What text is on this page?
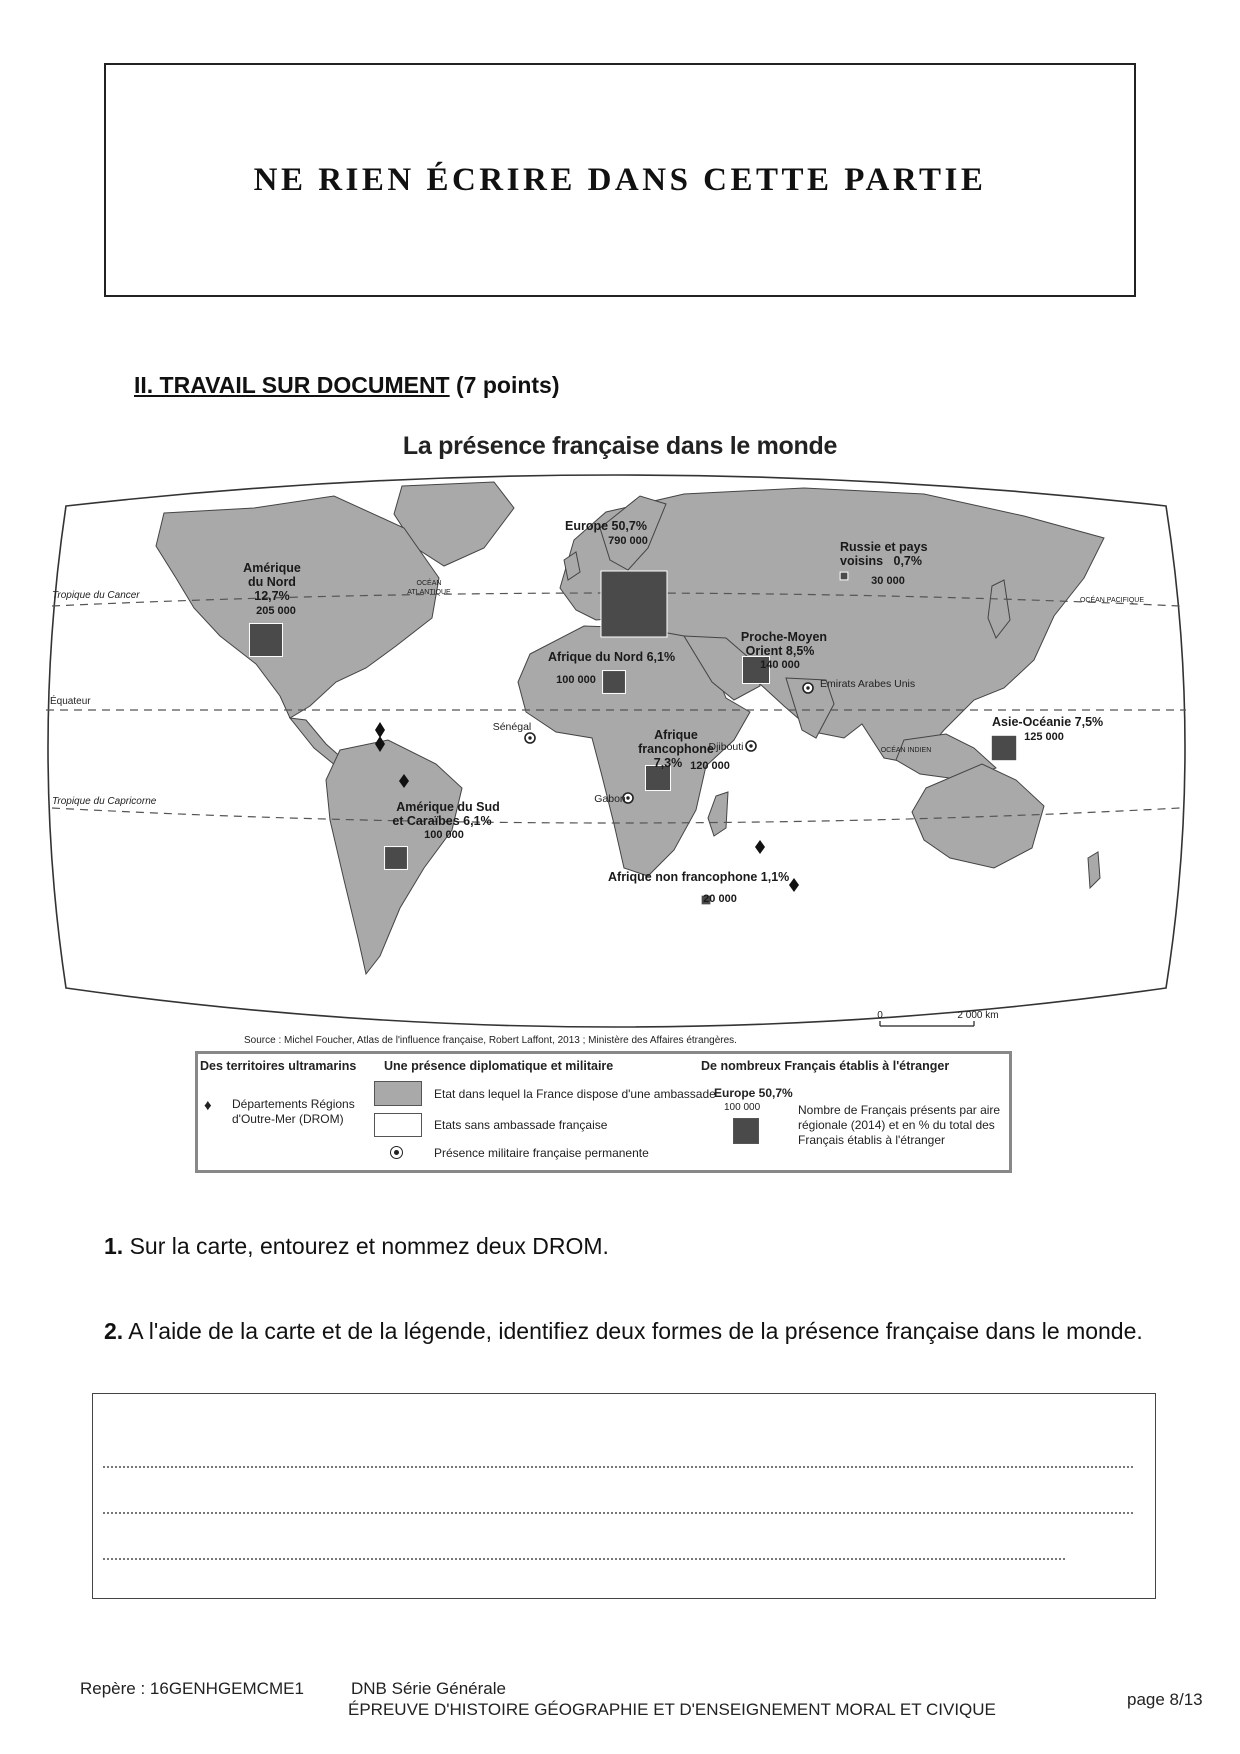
NE RIEN ÉCRIRE DANS CETTE PARTIE
II. TRAVAIL SUR DOCUMENT (7 points)
La présence française dans le monde
Tropique du Cancer
Équateur
Tropique du Capricorne
OCÉAN
ATLANTIQUE
OCÉAN PACIFIQUE
OCÉAN INDIEN
Amérique
du Nord
12,7%
205 000
Europe 50,7%
790 000	Russie et pays
voisins   0,7%
30 000
Afrique du Nord 6,1%
100 000
Proche-Moyen
Orient 8,5%
140 000
Afrique
francophone
7,3% 120 000
Asie-Océanie 7,5%
125 000
Amérique du Sud
et Caraïbes 6,1%
100 000
Afrique non francophone 1,1%
20 000
Sénégal
Djibouti
Gabon
Emirats Arabes Unis
0	2 000 km
Source : Michel Foucher, Atlas de l'influence française, Robert Laffont, 2013 ; Ministère des Affaires étrangères.
Des territoires ultramarins
♦ Départements Régions
d'Outre-Mer (DROM)
Une présence diplomatique et militaire
Etat dans lequel la France dispose d'une ambassade
Etats sans ambassade française
Présence militaire française permanente
De nombreux Français établis à l'étranger
Europe 50,7%
100 000	Nombre de Français présents par aire
régionale (2014) et en % du total des
Français établis à l'étranger
1. Sur la carte, entourez et nommez deux DROM.
2. A l'aide de la carte et de la légende, identifiez deux formes de la présence française dans le monde.
Repère : 16GENHGEMCME1	DNB Série Générale
ÉPREUVE D'HISTOIRE GÉOGRAPHIE ET D'ENSEIGNEMENT MORAL ET CIVIQUE
page 8/13
